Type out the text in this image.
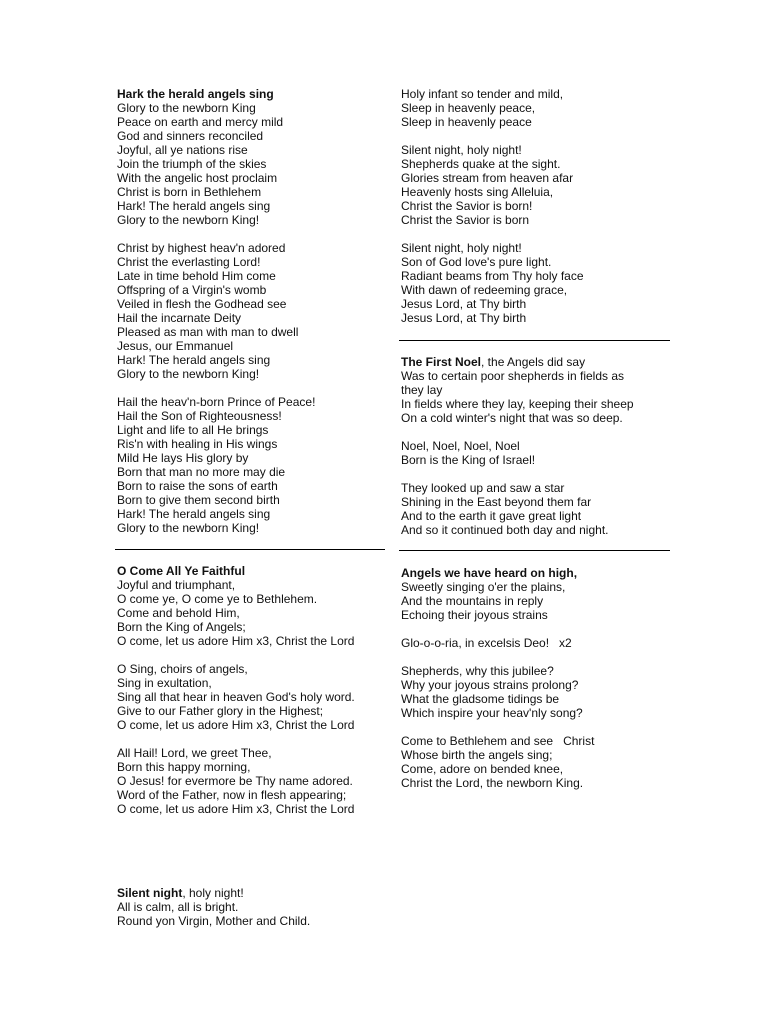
Hark the herald angels sing
Glory to the newborn King
Peace on earth and mercy mild
God and sinners reconciled
Joyful, all ye nations rise
Join the triumph of the skies
With the angelic host proclaim
Christ is born in Bethlehem
Hark! The herald angels sing
Glory to the newborn King!
Christ by highest heav'n adored
Christ the everlasting Lord!
Late in time behold Him come
Offspring of a Virgin's womb
Veiled in flesh the Godhead see
Hail the incarnate Deity
Pleased as man with man to dwell
Jesus, our Emmanuel
Hark! The herald angels sing
Glory to the newborn King!
Hail the heav'n-born Prince of Peace!
Hail the Son of Righteousness!
Light and life to all He brings
Ris'n with healing in His wings
Mild He lays His glory by
Born that man no more may die
Born to raise the sons of earth
Born to give them second birth
Hark! The herald angels sing
Glory to the newborn King!
O Come All Ye Faithful
Joyful and triumphant,
O come ye, O come ye to Bethlehem.
Come and behold Him,
Born the King of Angels;
O come, let us adore Him x3, Christ the Lord
O Sing, choirs of angels,
Sing in exultation,
Sing all that hear in heaven God's holy word.
Give to our Father glory in the Highest;
O come, let us adore Him x3, Christ the Lord
All Hail! Lord, we greet Thee,
Born this happy morning,
O Jesus! for evermore be Thy name adored.
Word of the Father, now in flesh appearing;
O come, let us adore Him x3, Christ the Lord
Silent night, holy night!
All is calm, all is bright.
Round yon Virgin, Mother and Child.
Holy infant so tender and mild,
Sleep in heavenly peace,
Sleep in heavenly peace
Silent night, holy night!
Shepherds quake at the sight.
Glories stream from heaven afar
Heavenly hosts sing Alleluia,
Christ the Savior is born!
Christ the Savior is born
Silent night, holy night!
Son of God love's pure light.
Radiant beams from Thy holy face
With dawn of redeeming grace,
Jesus Lord, at Thy birth
Jesus Lord, at Thy birth
The First Noel, the Angels did say
Was to certain poor shepherds in fields as
they lay
In fields where they lay, keeping their sheep
On a cold winter's night that was so deep.
Noel, Noel, Noel, Noel
Born is the King of Israel!
They looked up and saw a star
Shining in the East beyond them far
And to the earth it gave great light
And so it continued both day and night.
Angels we have heard on high,
Sweetly singing o'er the plains,
And the mountains in reply
Echoing their joyous strains
Glo-o-o-ria, in excelsis Deo!   x2
Shepherds, why this jubilee?
Why your joyous strains prolong?
What the gladsome tidings be
Which inspire your heav'nly song?
Come to Bethlehem and see   Christ
Whose birth the angels sing;
Come, adore on bended knee,
Christ the Lord, the newborn King.
